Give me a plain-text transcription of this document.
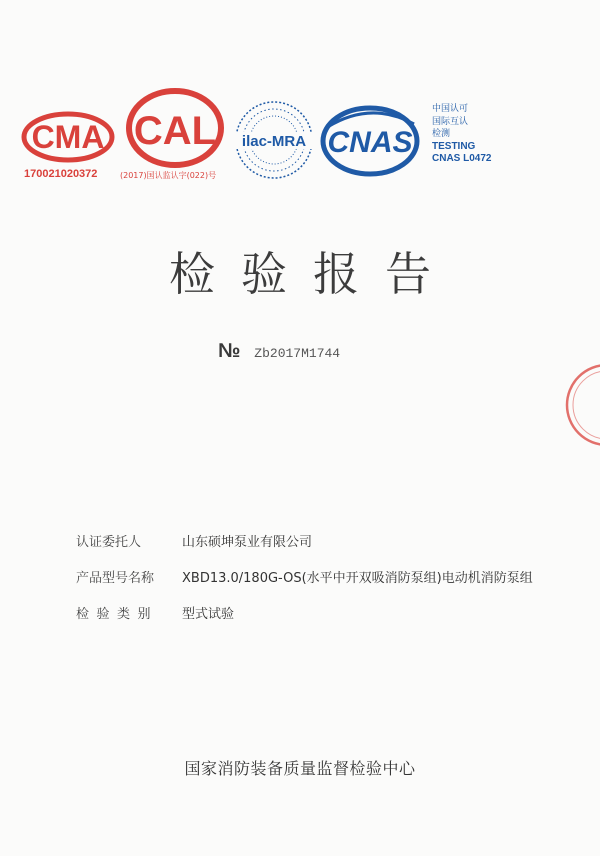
CMA CAL ilac-MRA CNAS
170021020372	(2017)国认监认字(022)号
中国认可
国际互认
检测
TESTING
CNAS L0472
检验报告
№ Zb2017M1744
认证委托人	山东硕坤泵业有限公司
产品型号名称	XBD13.0/180G-OS(水平中开双吸消防泵组)电动机消防泵组
检验类别	型式试验
国家消防装备质量监督检验中心
